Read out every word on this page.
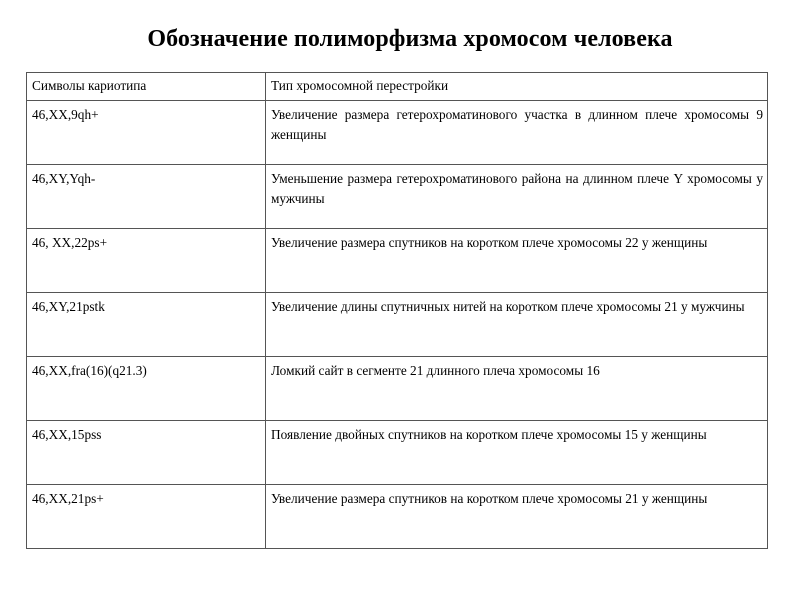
Обозначение полиморфизма хромосом человека
Символы кариотипа	Тип хромосомной перестройки
46,XX,9qh+	Увеличение размера гетерохроматинового участка в длинном плече хромосомы 9 женщины
46,XY,Yqh-	Уменьшение размера гетерохроматинового района на длинном плече Y хромосомы у мужчины
46, XX,22ps+	Увеличение размера спутников на коротком плече хромосомы 22 у женщины
46,XY,21pstk	Увеличение длины спутничных нитей на коротком плече хромосомы 21 у мужчины
46,XX,fra(16)(q21.3)	Ломкий сайт в сегменте 21 длинного плеча хромосомы 16
46,XX,15pss	Появление двойных спутников на коротком плече хромосомы 15 у женщины
46,XX,21ps+	Увеличение размера спутников на коротком плече хромосомы 21 у женщины
